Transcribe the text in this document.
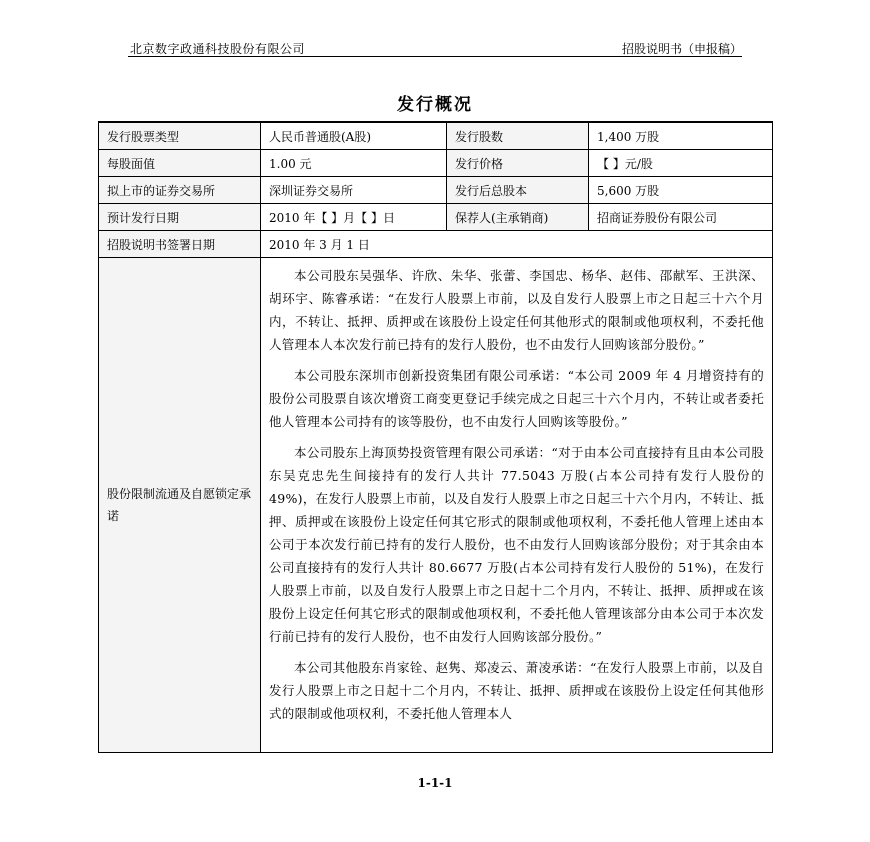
北京数字政通科技股份有限公司	招股说明书（申报稿）
发行概况
发行股票类型	人民币普通股(A股)	发行股数	1,400 万股
每股面值	1.00 元	发行价格	【 】元/股
拟上市的证券交易所	深圳证券交易所	发行后总股本	5,600 万股
预计发行日期	2010 年【 】月【 】日	保荐人(主承销商)	招商证券股份有限公司
招股说明书签署日期	2010 年 3 月 1 日		
股份限制流通及自愿锁定承诺	本公司股东吴强华、许欣、朱华、张蕾、李国忠、杨华、赵伟、邵献军、王洪深、胡环宇、陈睿承诺：“在发行人股票上市前，以及自发行人股票上市之日起三十六个月内，不转让、抵押、质押或在该股份上设定任何其他形式的限制或他项权利，不委托他人管理本人本次发行前已持有的发行人股份，也不由发行人回购该部分股份。”

本公司股东深圳市创新投资集团有限公司承诺：“本公司 2009 年 4 月增资持有的股份公司股票自该次增资工商变更登记手续完成之日起三十六个月内，不转让或者委托他人管理本公司持有的该等股份，也不由发行人回购该等股份。”

本公司股东上海顶势投资管理有限公司承诺：“对于由本公司直接持有且由本公司股东吴克忠先生间接持有的发行人共计 77.5043 万股(占本公司持有发行人股份的 49%)，在发行人股票上市前，以及自发行人股票上市之日起三十六个月内，不转让、抵押、质押或在该股份上设定任何其它形式的限制或他项权利，不委托他人管理上述由本公司于本次发行前已持有的发行人股份，也不由发行人回购该部分股份；对于其余由本公司直接持有的发行人共计 80.6677 万股(占本公司持有发行人股份的 51%)，在发行人股票上市前，以及自发行人股票上市之日起十二个月内，不转让、抵押、质押或在该股份上设定任何其它形式的限制或他项权利，不委托他人管理该部分由本公司于本次发行前已持有的发行人股份，也不由发行人回购该部分股份。”

本公司其他股东肖家铨、赵隽、郑凌云、萧凌承诺：“在发行人股票上市前，以及自发行人股票上市之日起十二个月内，不转让、抵押、质押或在该股份上设定任何其他形式的限制或他项权利，不委托他人管理本人		

1-1-1
